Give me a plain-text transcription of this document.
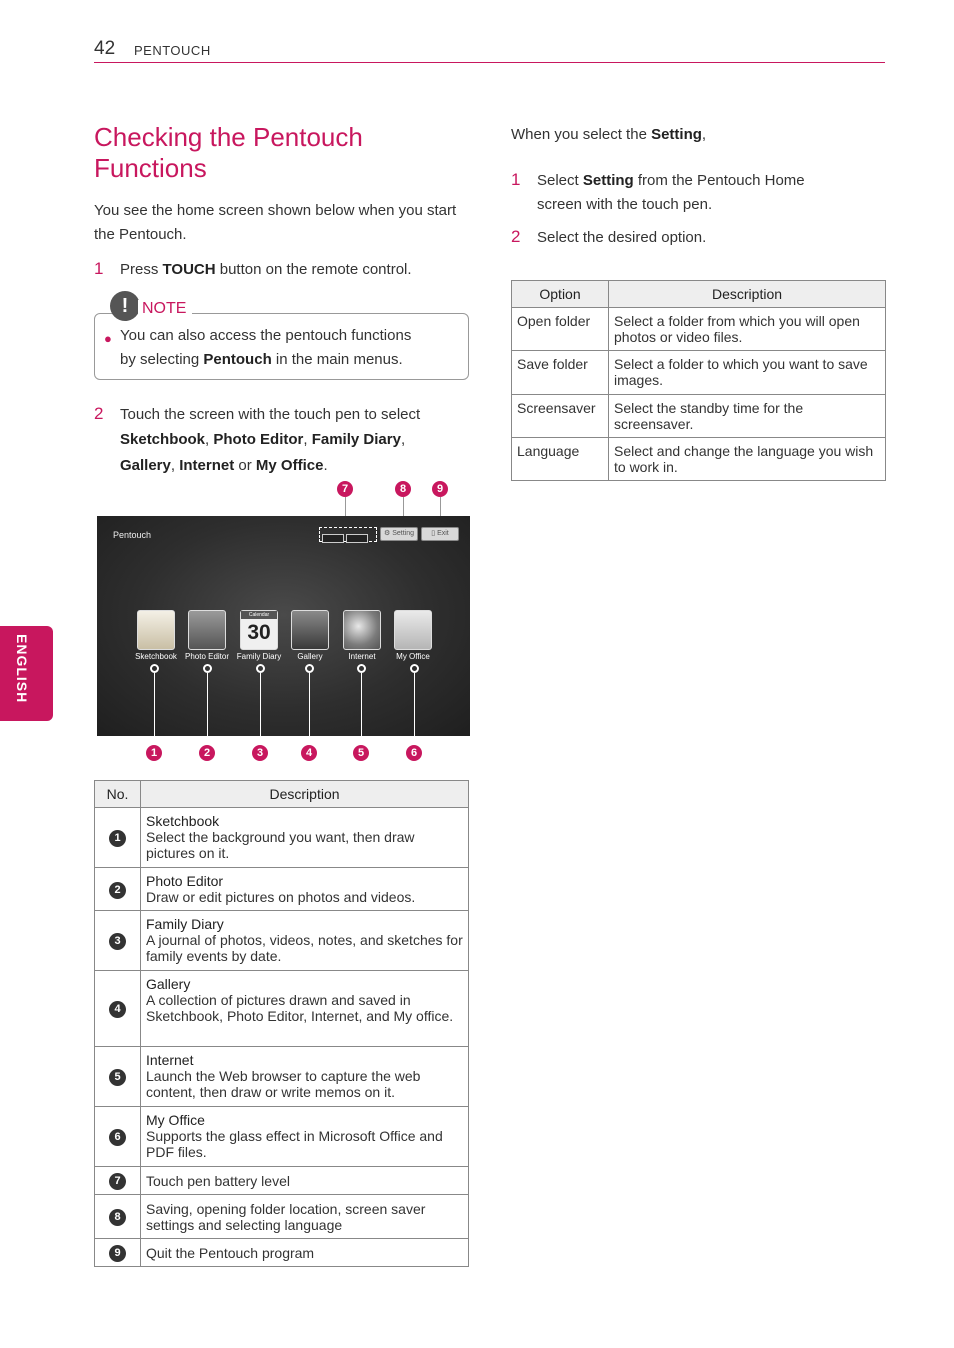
42 PENTOUCH
ENGLISH
Checking the Pentouch Functions
You see the home screen shown below when you start the Pentouch.
1 Press TOUCH button on the remote control.
! NOTE
● You can also access the pentouch functions
by selecting Pentouch in the main menus.
2 Touch the screen with the touch pen to select
Sketchbook, Photo Editor, Family Diary,
Gallery, Internet or My Office.
7	8	9
Pentouch	⚙ Setting	▯ Exit
Calendar
30
Sketchbook	Photo Editor Family Diary	Gallery	Internet	My Office
1	2	3	4	5	6
No.	Description
1	Sketchbook
Select the background you want, then draw pictures on it.

2	Photo Editor
Draw or edit pictures on photos and videos.

3	Family Diary
A journal of photos, videos, notes, and sketches for family events by date.

4	Gallery
A collection of pictures drawn and saved in Sketchbook, Photo Editor, Internet, and My office.

5	Internet
Launch the Web browser to capture the web content, then draw or write memos on it.

6	My Office
Supports the glass effect in Microsoft Office and PDF files.

7	Touch pen battery level

8	Saving, opening folder location, screen saver settings and selecting language

9	Quit the Pentouch program
When you select the Setting,
1 Select Setting from the Pentouch Home
screen with the touch pen.
2 Select the desired option.
Option	Description
Open folder	Select a folder from which you will open photos or video files.
Save folder	Select a folder to which you want to save images.
Screensaver	Select the standby time for the screensaver.
Language	Select and change the language you wish to work in.
